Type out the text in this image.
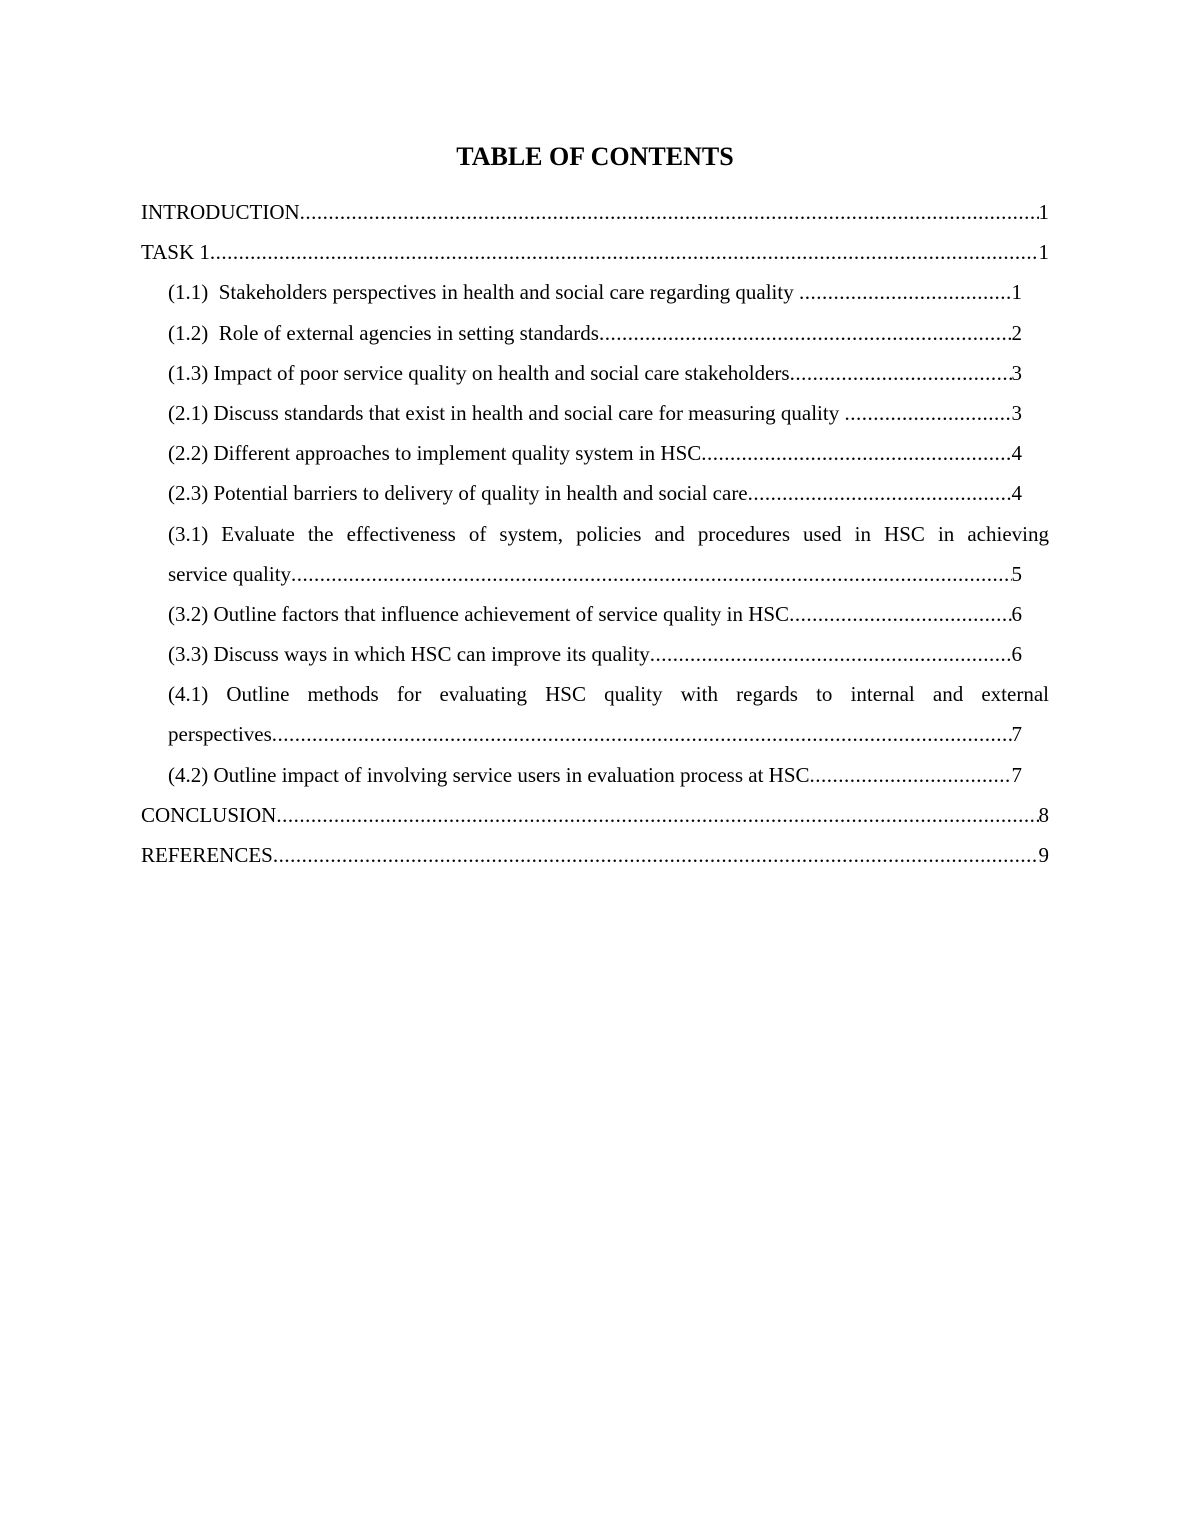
TABLE OF CONTENTS
INTRODUCTION .....	1
TASK 1 .....	1
(1.1)  Stakeholders perspectives in health and social care regarding quality .....	1
(1.2)  Role of external agencies in setting standards .....	2
(1.3) Impact of poor service quality on health and social care stakeholders .....	3
(2.1) Discuss standards that exist in health and social care for measuring quality .....	3
(2.2) Different approaches to implement quality system in HSC .....	4
(2.3) Potential barriers to delivery of quality in health and social care .....	4
(3.1) Evaluate the effectiveness of system, policies and procedures used in HSC in achieving
service quality .....	5
(3.2) Outline factors that influence achievement of service quality in HSC .....	6
(3.3) Discuss ways in which HSC can improve its quality .....	6
(4.1) Outline methods for evaluating HSC quality with regards to internal and external
perspectives .....	7
(4.2) Outline impact of involving service users in evaluation process at HSC .....	7
CONCLUSION .....	8
REFERENCES .....	9
